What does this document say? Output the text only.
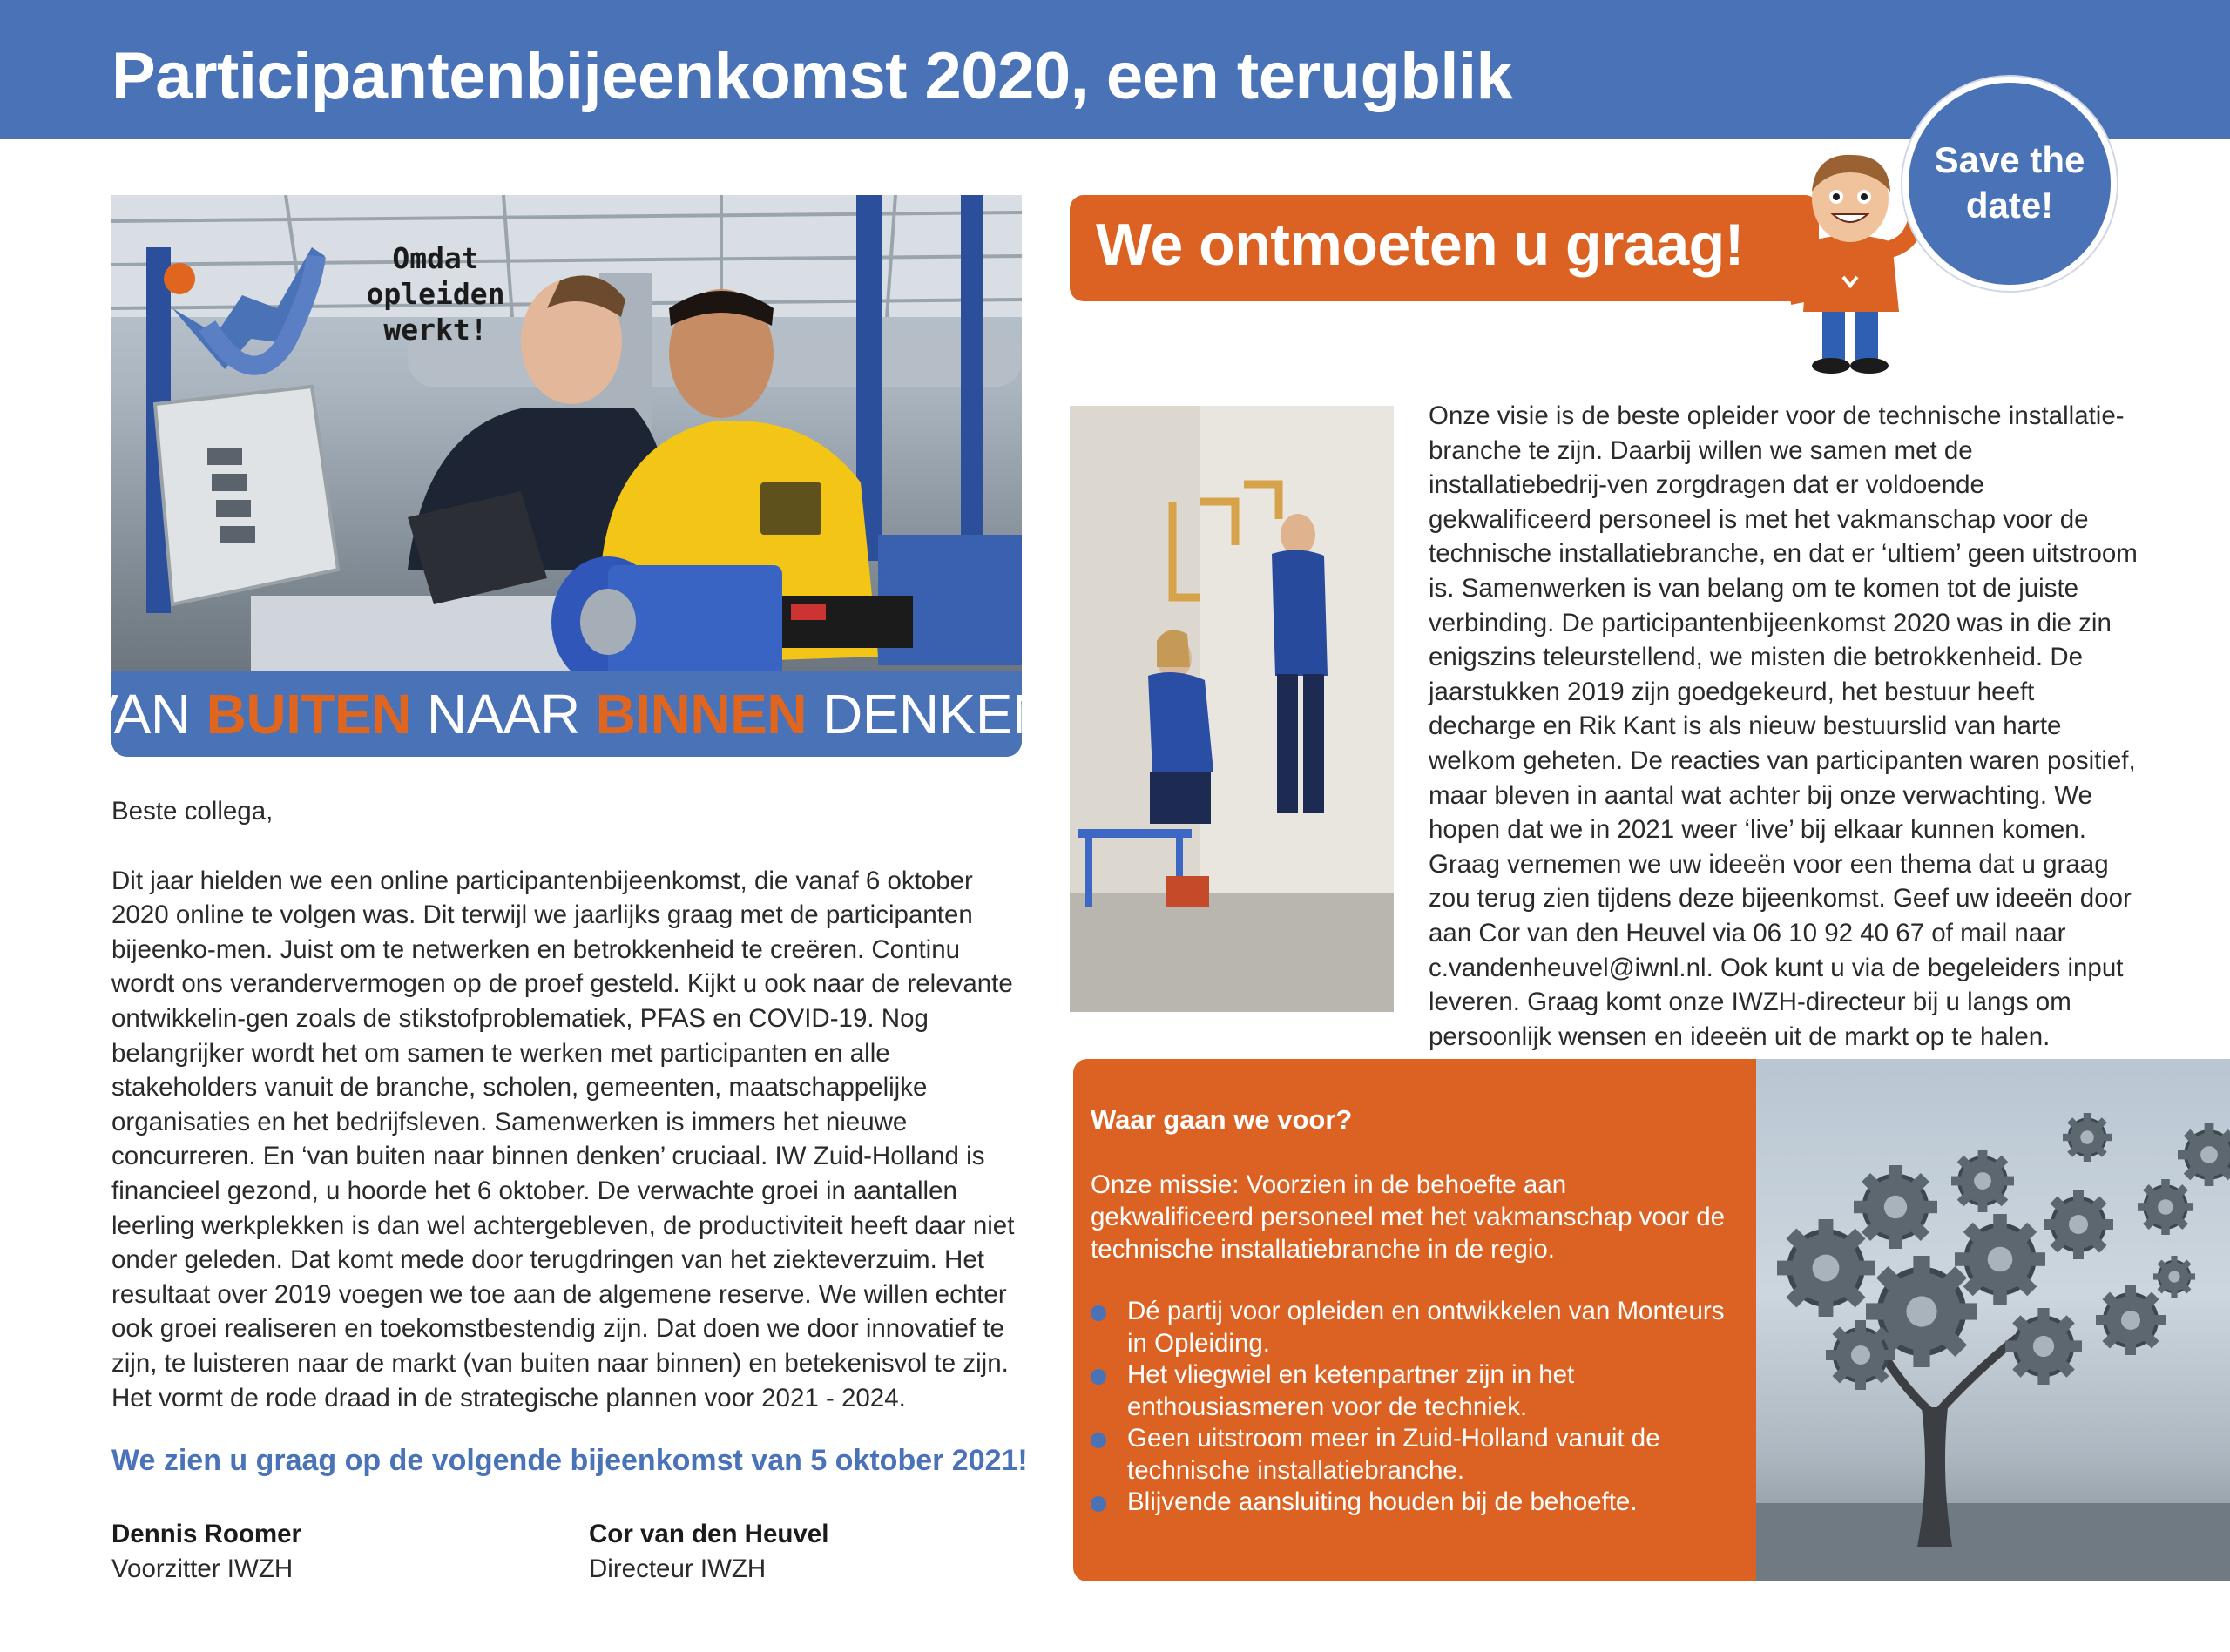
Participantenbijeenkomst 2020, een terugblik
Omdat
opleiden
werkt!
VAN BUITEN NAAR BINNEN DENKEN

Beste collega,

Dit jaar hielden we een online participantenbijeenkomst, die vanaf 6 oktober 2020 online te volgen was. Dit terwijl we jaarlijks graag met de participanten bijeenko-men. Juist om te netwerken en betrokkenheid te creëren. Continu wordt ons verandervermogen op de proef gesteld. Kijkt u ook naar de relevante ontwikkelin-gen zoals de stikstofproblematiek, PFAS en COVID-19. Nog belangrijker wordt het om samen te werken met participanten en alle stakeholders vanuit de branche, scholen, gemeenten, maatschappelijke organisaties en het bedrijfsleven. Samenwerken is immers het nieuwe concurreren. En ‘van buiten naar binnen denken’ cruciaal. IW Zuid-Holland is financieel gezond, u hoorde het 6 oktober. De verwachte groei in aantallen leerling werkplekken is dan wel achtergebleven, de productiviteit heeft daar niet onder geleden. Dat komt mede door terugdringen van het ziekteverzuim. Het resultaat over 2019 voegen we toe aan de algemene reserve. We willen echter ook groei realiseren en toekomstbestendig zijn. Dat doen we door innovatief te zijn, te luisteren naar de markt (van buiten naar binnen) en betekenisvol te zijn. Het vormt de rode draad in de strategische plannen voor 2021 - 2024.

We zien u graag op de volgende bijeenkomst van 5 oktober 2021!
Dennis Roomer
Voorzitter IWZH
Cor van den Heuvel
Directeur IWZH
We ontmoeten u graag!
Save the
date!
Onze visie is de beste opleider voor de technische installatie-branche te zijn. Daarbij willen we samen met de installatiebedrij-ven zorgdragen dat er voldoende gekwalificeerd personeel is met het vakmanschap voor de technische installatiebranche, en dat er ‘ultiem’ geen uitstroom is. Samenwerken is van belang om te komen tot de juiste verbinding. De participantenbijeenkomst 2020 was in die zin enigszins teleurstellend, we misten die betrokkenheid. De jaarstukken 2019 zijn goedgekeurd, het bestuur heeft decharge en Rik Kant is als nieuw bestuurslid van harte welkom geheten. De reacties van participanten waren positief, maar bleven in aantal wat achter bij onze verwachting. We hopen dat we in 2021 weer ‘live’ bij elkaar kunnen komen. Graag vernemen we uw ideeën voor een thema dat u graag zou terug zien tijdens deze bijeenkomst. Geef uw ideeën door aan Cor van den Heuvel via 06 10 92 40 67 of mail naar c.vandenheuvel@iwnl.nl. Ook kunt u via de begeleiders input leveren. Graag komt onze IWZH-directeur bij u langs om persoonlijk wensen en ideeën uit de markt op te halen.
Waar gaan we voor?
Onze missie: Voorzien in de behoefte aan gekwalificeerd personeel met het vakmanschap voor de technische installatiebranche in de regio.
Dé partij voor opleiden en ontwikkelen van Monteurs in Opleiding.
Het vliegwiel en ketenpartner zijn in het enthousiasmeren voor de techniek.
Geen uitstroom meer in Zuid-Holland vanuit de technische installatiebranche.
Blijvende aansluiting houden bij de behoefte.
